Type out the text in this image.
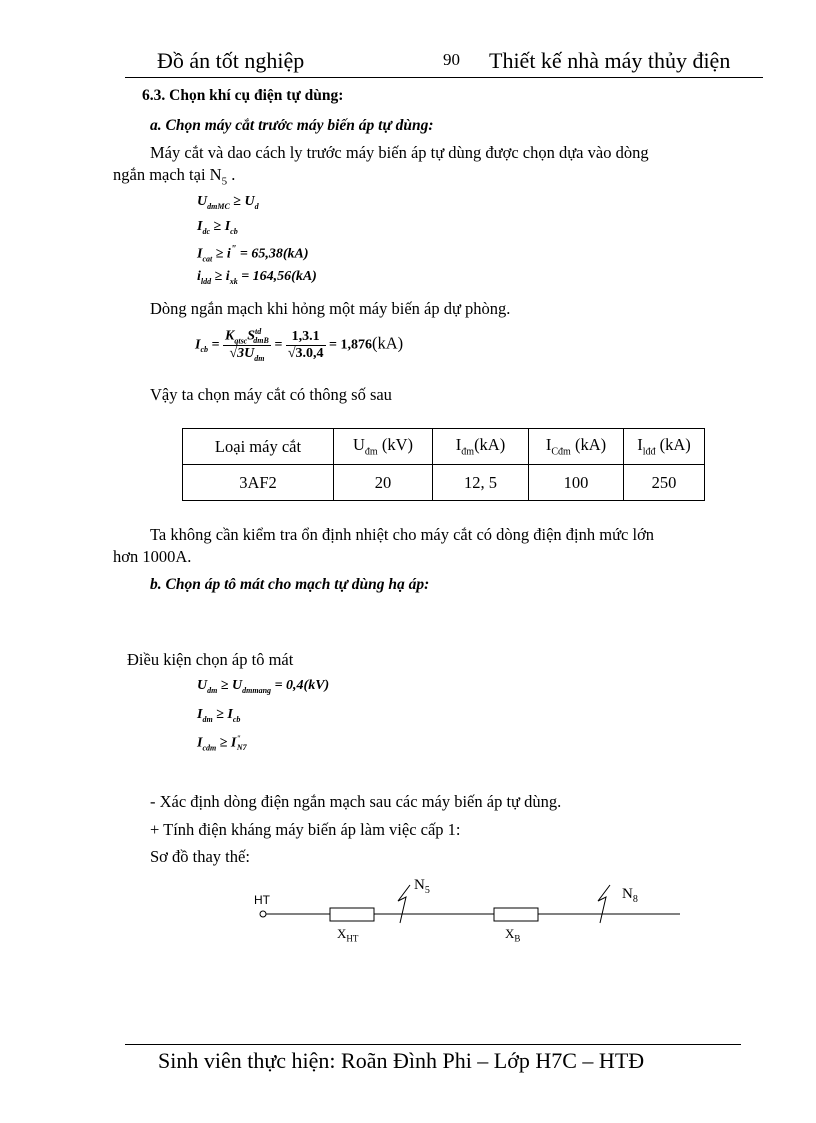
Đồ án tốt nghiệp	90 Thiết kế nhà máy thủy điện
6.3. Chọn khí cụ điện tự dùng:
a. Chọn máy cắt trước máy biến áp tự dùng:
Máy cắt và dao cách ly trước máy biến áp tự dùng được chọn dựa vào dòng
ngắn mạch tại $N_5$ .
$U_{dmMC} \ge U_d$
$I_{dc} \ge I_{cb}$
$I_{cat} \ge i^" = 65,38(kA)$
$i_{ldd} \ge i_{xk} = 164,56(kA)$
Dòng ngắn mạch khi hỏng một máy biến áp dự phòng.
$I_{cb} = \frac{K_{qtsc}S^{td}_{dmB}}{√3U_{dm}} = \frac{1,3.1}{√3.0,4} = 1,876(kA)$
Vậy ta chọn máy cắt có thông số sau
Loại máy cắt	$U_{đm}$ (kV)	$I_{đm}(kA)$	$I_{Cđm}$ (kA)	$I_{lđđ}$ (kA)
3AF2	20	12, 5	100	250
Ta không cần kiểm tra ổn định nhiệt cho máy cắt có dòng điện định mức lớn
hơn 1000A.
b. Chọn áp tô mát cho mạch tự dùng hạ áp:
Điều kiện chọn áp tô mát
$U_{dm} \ge U_{dmmang} = 0,4(kV)$
$I_{dm} \ge I_{cb}$
$I_{cdm} \ge I^"_{N7}$
- Xác định dòng điện ngắn mạch sau các máy biến áp tự dùng.
+ Tính điện kháng máy biến áp làm việc cấp 1:
Sơ đồ thay thế:
HT
$N_5$	$N_8$
$X_{HT}$	$X_B$
Sinh viên thực hiện: Roãn Đình Phi – Lớp H7C – HTĐ
